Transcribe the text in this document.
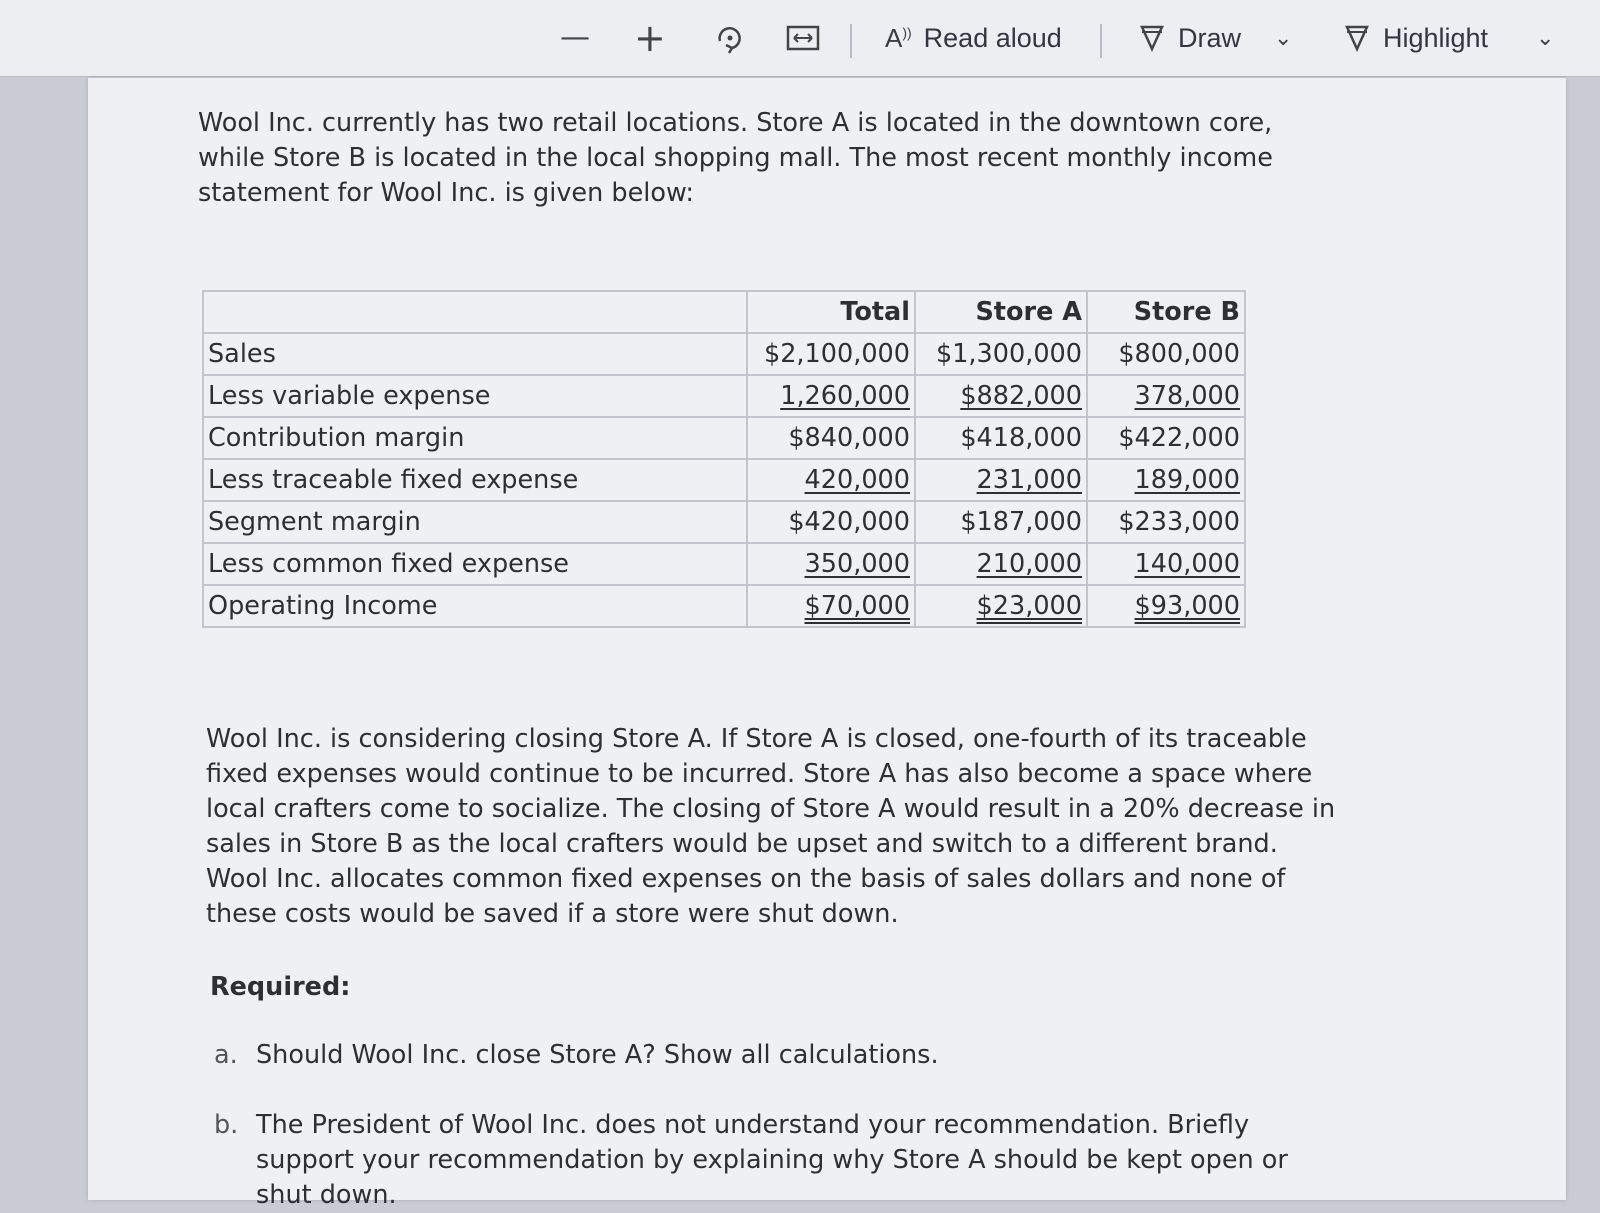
— +	A)) Read aloud	Draw ⌄	Highlight ⌄
Wool Inc. currently has two retail locations. Store A is located in the downtown core, while Store B is located in the local shopping mall. The most recent monthly income statement for Wool Inc. is given below:
	Total	Store A	Store B
Sales	$2,100,000	$1,300,000	$800,000
Less variable expense	1,260,000	$882,000	378,000
Contribution margin	$840,000	$418,000	$422,000
Less traceable fixed expense	420,000	231,000	189,000
Segment margin	$420,000	$187,000	$233,000
Less common fixed expense	350,000	210,000	140,000
Operating Income	$70,000	$23,000	$93,000
Wool Inc. is considering closing Store A. If Store A is closed, one-fourth of its traceable fixed expenses would continue to be incurred. Store A has also become a space where local crafters come to socialize. The closing of Store A would result in a 20% decrease in sales in Store B as the local crafters would be upset and switch to a different brand. Wool Inc. allocates common fixed expenses on the basis of sales dollars and none of these costs would be saved if a store were shut down.
Required:
a. Should Wool Inc. close Store A? Show all calculations.
b. The President of Wool Inc. does not understand your recommendation. Briefly support your recommendation by explaining why Store A should be kept open or shut down.
